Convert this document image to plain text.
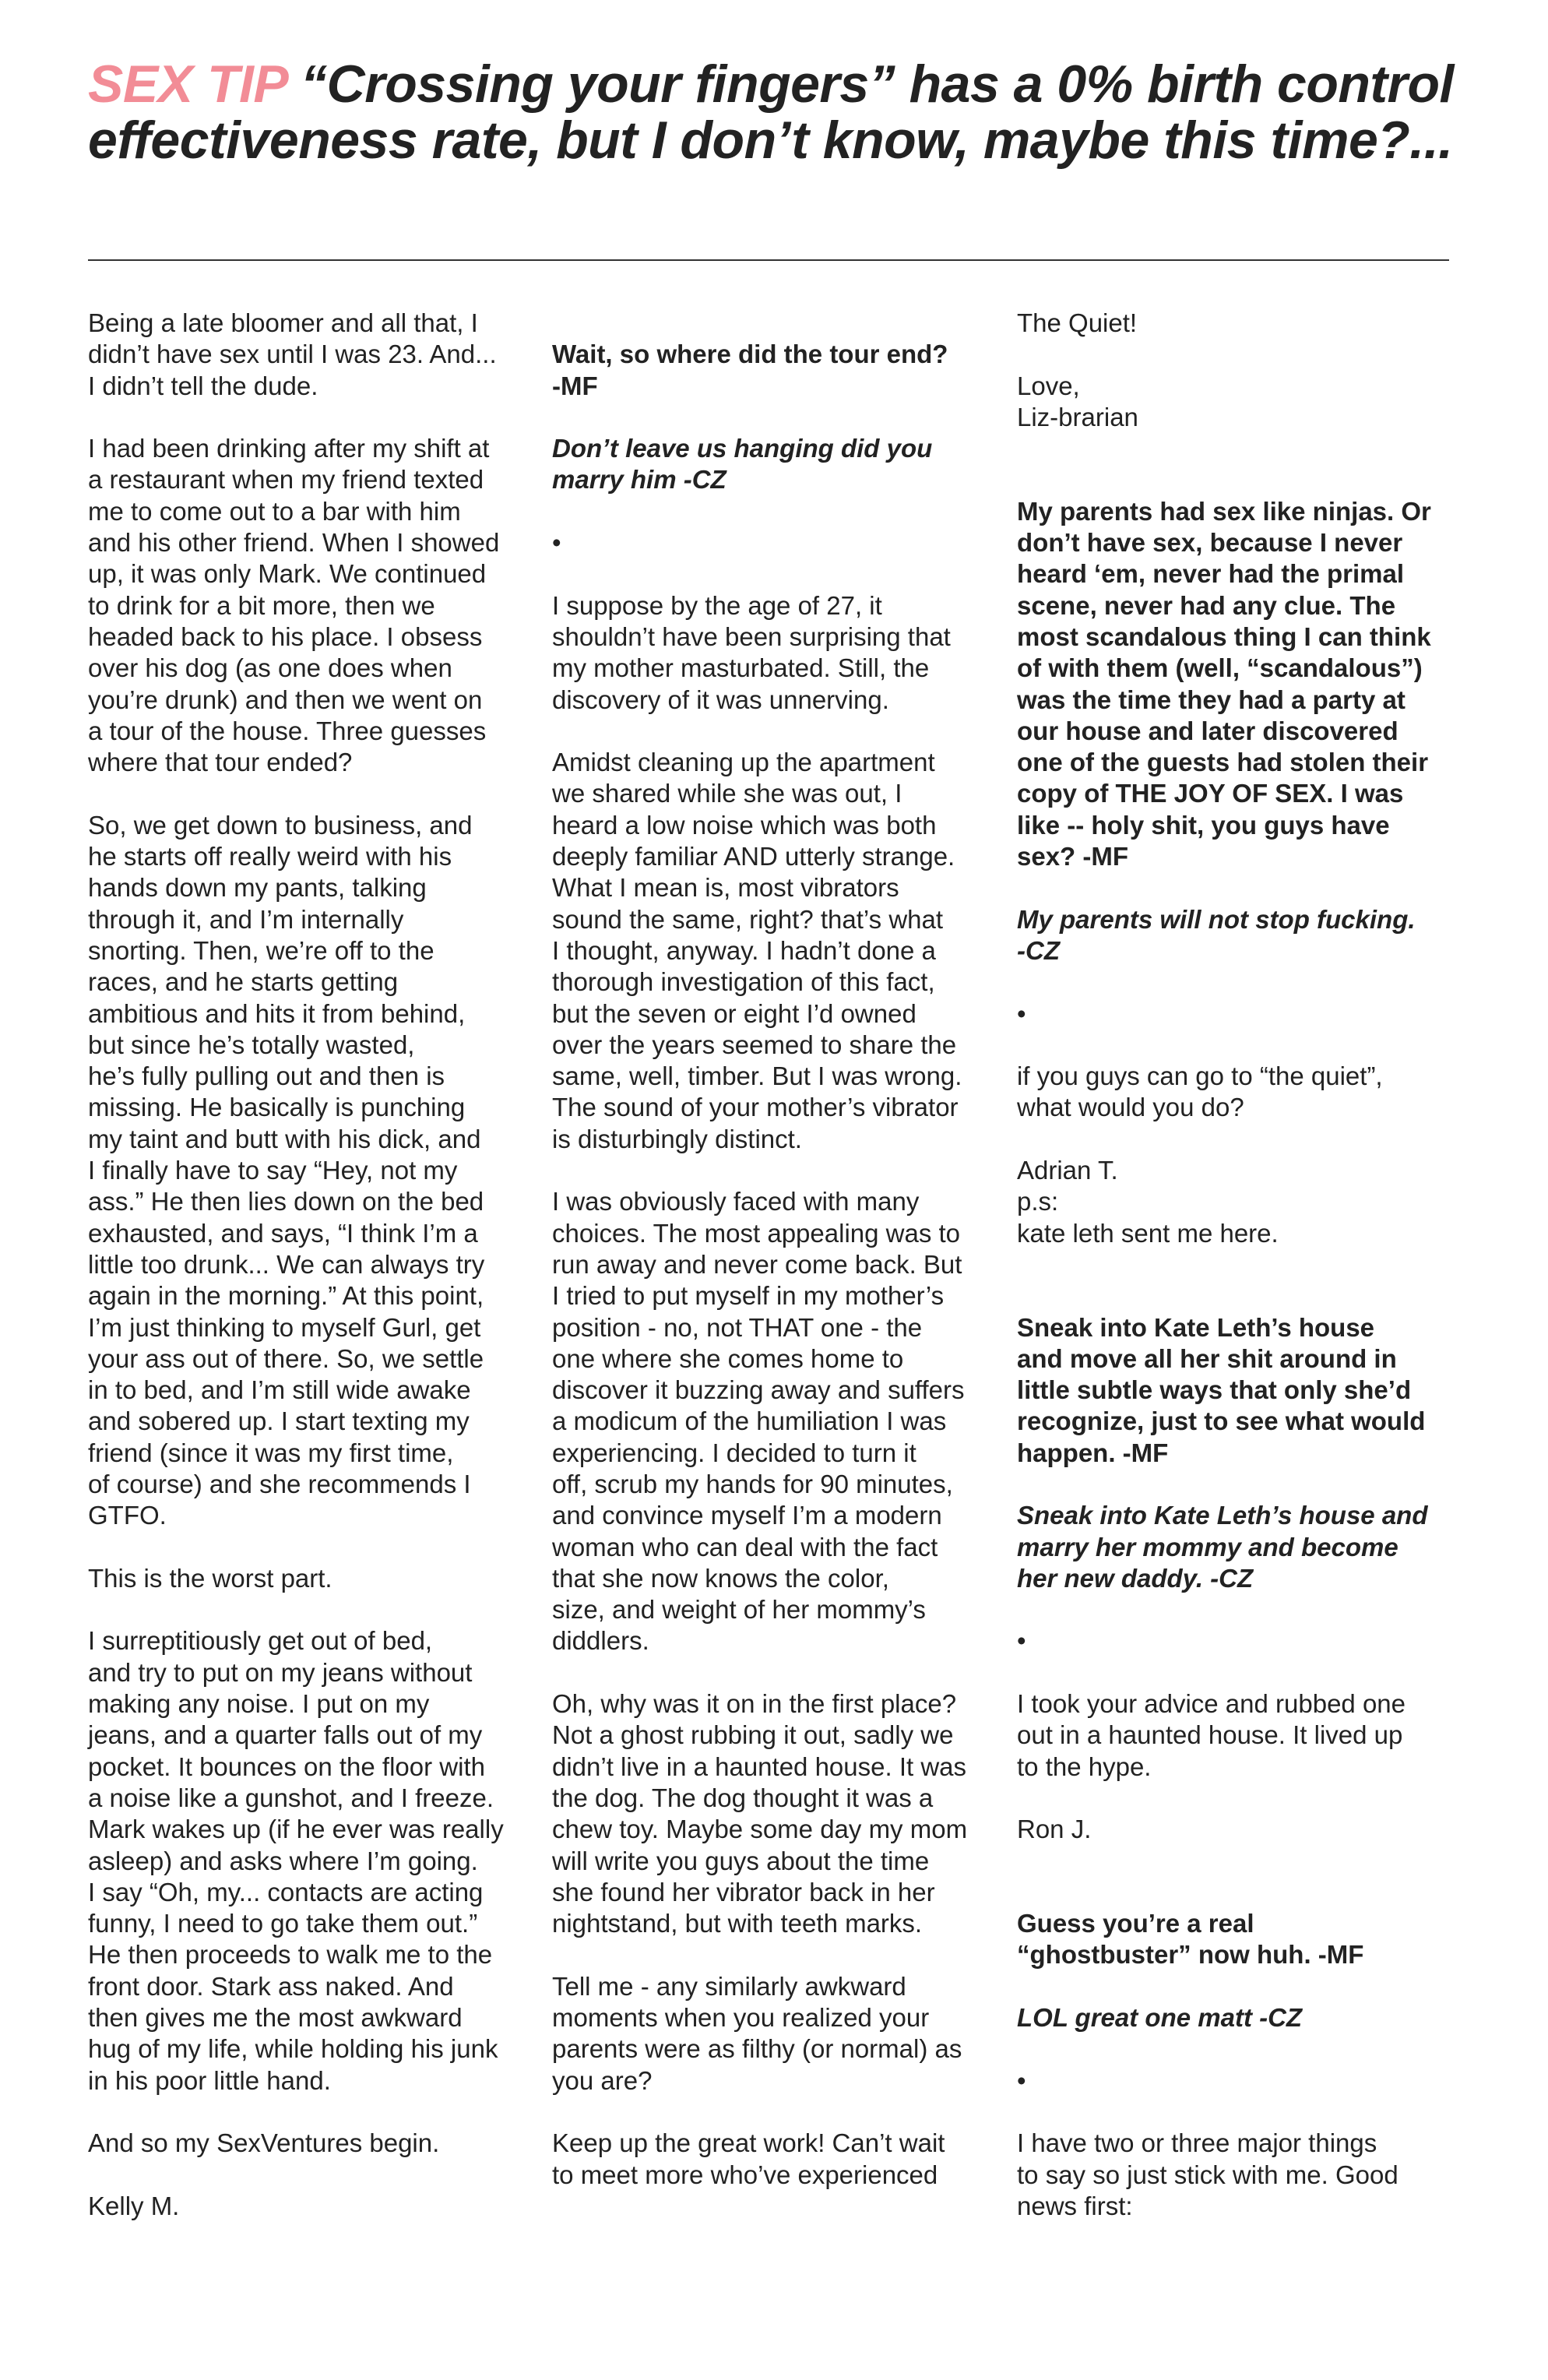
SEX TIP “Crossing your fingers” has a 0% birth control
effectiveness rate, but I don’t know, maybe this time?...
Being a late bloomer and all that, I
didn’t have sex until I was 23. And...
I didn’t tell the dude.
I had been drinking after my shift at
a restaurant when my friend texted
me to come out to a bar with him
and his other friend. When I showed
up, it was only Mark. We continued
to drink for a bit more, then we
headed back to his place. I obsess
over his dog (as one does when
you’re drunk) and then we went on
a tour of the house. Three guesses
where that tour ended?
So, we get down to business, and
he starts off really weird with his
hands down my pants, talking
through it, and I’m internally
snorting. Then, we’re off to the
races, and he starts getting
ambitious and hits it from behind,
but since he’s totally wasted,
he’s fully pulling out and then is
missing. He basically is punching
my taint and butt with his dick, and
I finally have to say “Hey, not my
ass.” He then lies down on the bed
exhausted, and says, “I think I’m a
little too drunk... We can always try
again in the morning.” At this point,
I’m just thinking to myself Gurl, get
your ass out of there. So, we settle
in to bed, and I’m still wide awake
and sobered up. I start texting my
friend (since it was my first time,
of course) and she recommends I
GTFO.
This is the worst part.
I surreptitiously get out of bed,
and try to put on my jeans without
making any noise. I put on my
jeans, and a quarter falls out of my
pocket. It bounces on the floor with
a noise like a gunshot, and I freeze.
Mark wakes up (if he ever was really
asleep) and asks where I’m going.
I say “Oh, my... contacts are acting
funny, I need to go take them out.”
He then proceeds to walk me to the
front door. Stark ass naked. And
then gives me the most awkward
hug of my life, while holding his junk
in his poor little hand.
And so my SexVentures begin.
Kelly M.
Wait, so where did the tour end?
-MF
Don’t leave us hanging did you
marry him -CZ
•
I suppose by the age of 27, it
shouldn’t have been surprising that
my mother masturbated. Still, the
discovery of it was unnerving.
Amidst cleaning up the apartment
we shared while she was out, I
heard a low noise which was both
deeply familiar AND utterly strange.
What I mean is, most vibrators
sound the same, right? that’s what
I thought, anyway. I hadn’t done a
thorough investigation of this fact,
but the seven or eight I’d owned
over the years seemed to share the
same, well, timber. But I was wrong.
The sound of your mother’s vibrator
is disturbingly distinct.
I was obviously faced with many
choices. The most appealing was to
run away and never come back. But
I tried to put myself in my mother’s
position - no, not THAT one - the
one where she comes home to
discover it buzzing away and suffers
a modicum of the humiliation I was
experiencing. I decided to turn it
off, scrub my hands for 90 minutes,
and convince myself I’m a modern
woman who can deal with the fact
that she now knows the color,
size, and weight of her mommy’s
diddlers.
Oh, why was it on in the first place?
Not a ghost rubbing it out, sadly we
didn’t live in a haunted house. It was
the dog. The dog thought it was a
chew toy. Maybe some day my mom
will write you guys about the time
she found her vibrator back in her
nightstand, but with teeth marks.
Tell me - any similarly awkward
moments when you realized your
parents were as filthy (or normal) as
you are?
Keep up the great work! Can’t wait
to meet more who’ve experienced
The Quiet!
Love,
Liz-brarian
My parents had sex like ninjas. Or
don’t have sex, because I never
heard ‘em, never had the primal
scene, never had any clue. The
most scandalous thing I can think
of with them (well, “scandalous”)
was the time they had a party at
our house and later discovered
one of the guests had stolen their
copy of THE JOY OF SEX. I was
like -- holy shit, you guys have
sex? -MF
My parents will not stop fucking.
-CZ
•
if you guys can go to “the quiet”,
what would you do?
Adrian T.
p.s:
kate leth sent me here.
Sneak into Kate Leth’s house
and move all her shit around in
little subtle ways that only she’d
recognize, just to see what would
happen. -MF
Sneak into Kate Leth’s house and
marry her mommy and become
her new daddy. -CZ
•
I took your advice and rubbed one
out in a haunted house. It lived up
to the hype.
Ron J.
Guess you’re a real
“ghostbuster” now huh. -MF
LOL great one matt -CZ
•
I have two or three major things
to say so just stick with me. Good
news first:
